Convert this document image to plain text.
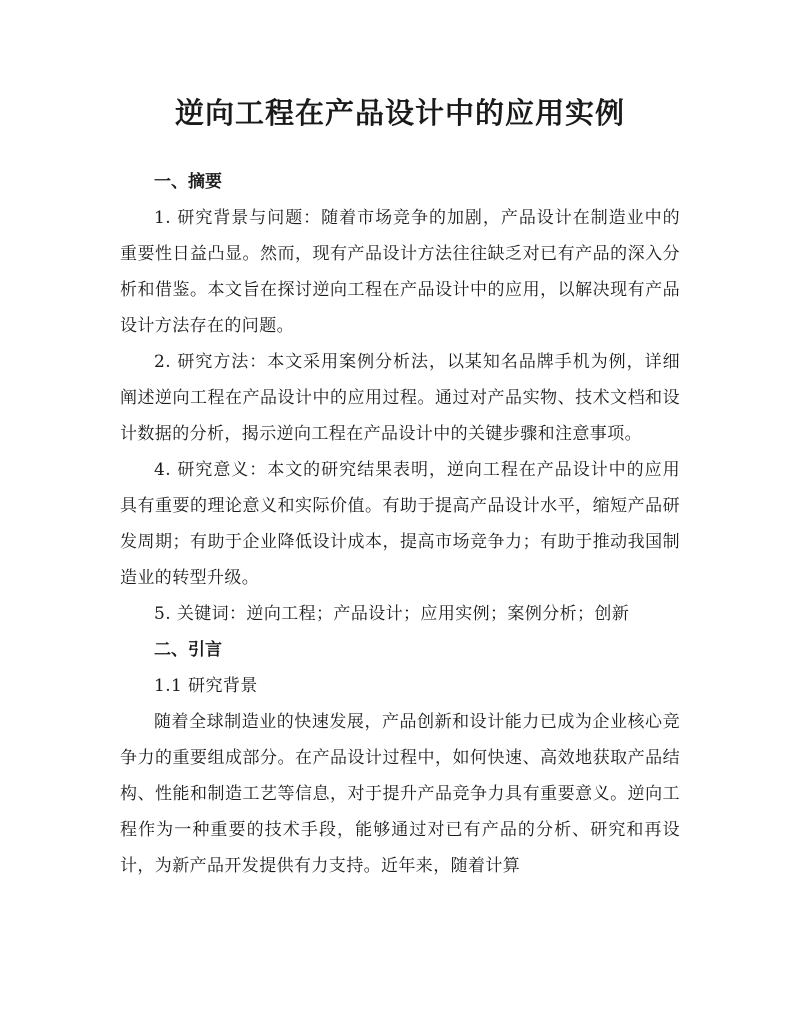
逆向工程在产品设计中的应用实例

一、摘要

1. 研究背景与问题：随着市场竞争的加剧，产品设计在制造业中的重要性日益凸显。然而，现有产品设计方法往往缺乏对已有产品的深入分析和借鉴。本文旨在探讨逆向工程在产品设计中的应用，以解决现有产品设计方法存在的问题。

2. 研究方法：本文采用案例分析法，以某知名品牌手机为例，详细阐述逆向工程在产品设计中的应用过程。通过对产品实物、技术文档和设计数据的分析，揭示逆向工程在产品设计中的关键步骤和注意事项。

4. 研究意义：本文的研究结果表明，逆向工程在产品设计中的应用具有重要的理论意义和实际价值。有助于提高产品设计水平，缩短产品研发周期；有助于企业降低设计成本，提高市场竞争力；有助于推动我国制造业的转型升级。

5. 关键词：逆向工程；产品设计；应用实例；案例分析；创新

二、引言

1.1 研究背景

随着全球制造业的快速发展，产品创新和设计能力已成为企业核心竞争力的重要组成部分。在产品设计过程中，如何快速、高效地获取产品结构、性能和制造工艺等信息，对于提升产品竞争力具有重要意义。逆向工程作为一种重要的技术手段，能够通过对已有产品的分析、研究和再设计，为新产品开发提供有力支持。近年来，随着计算
